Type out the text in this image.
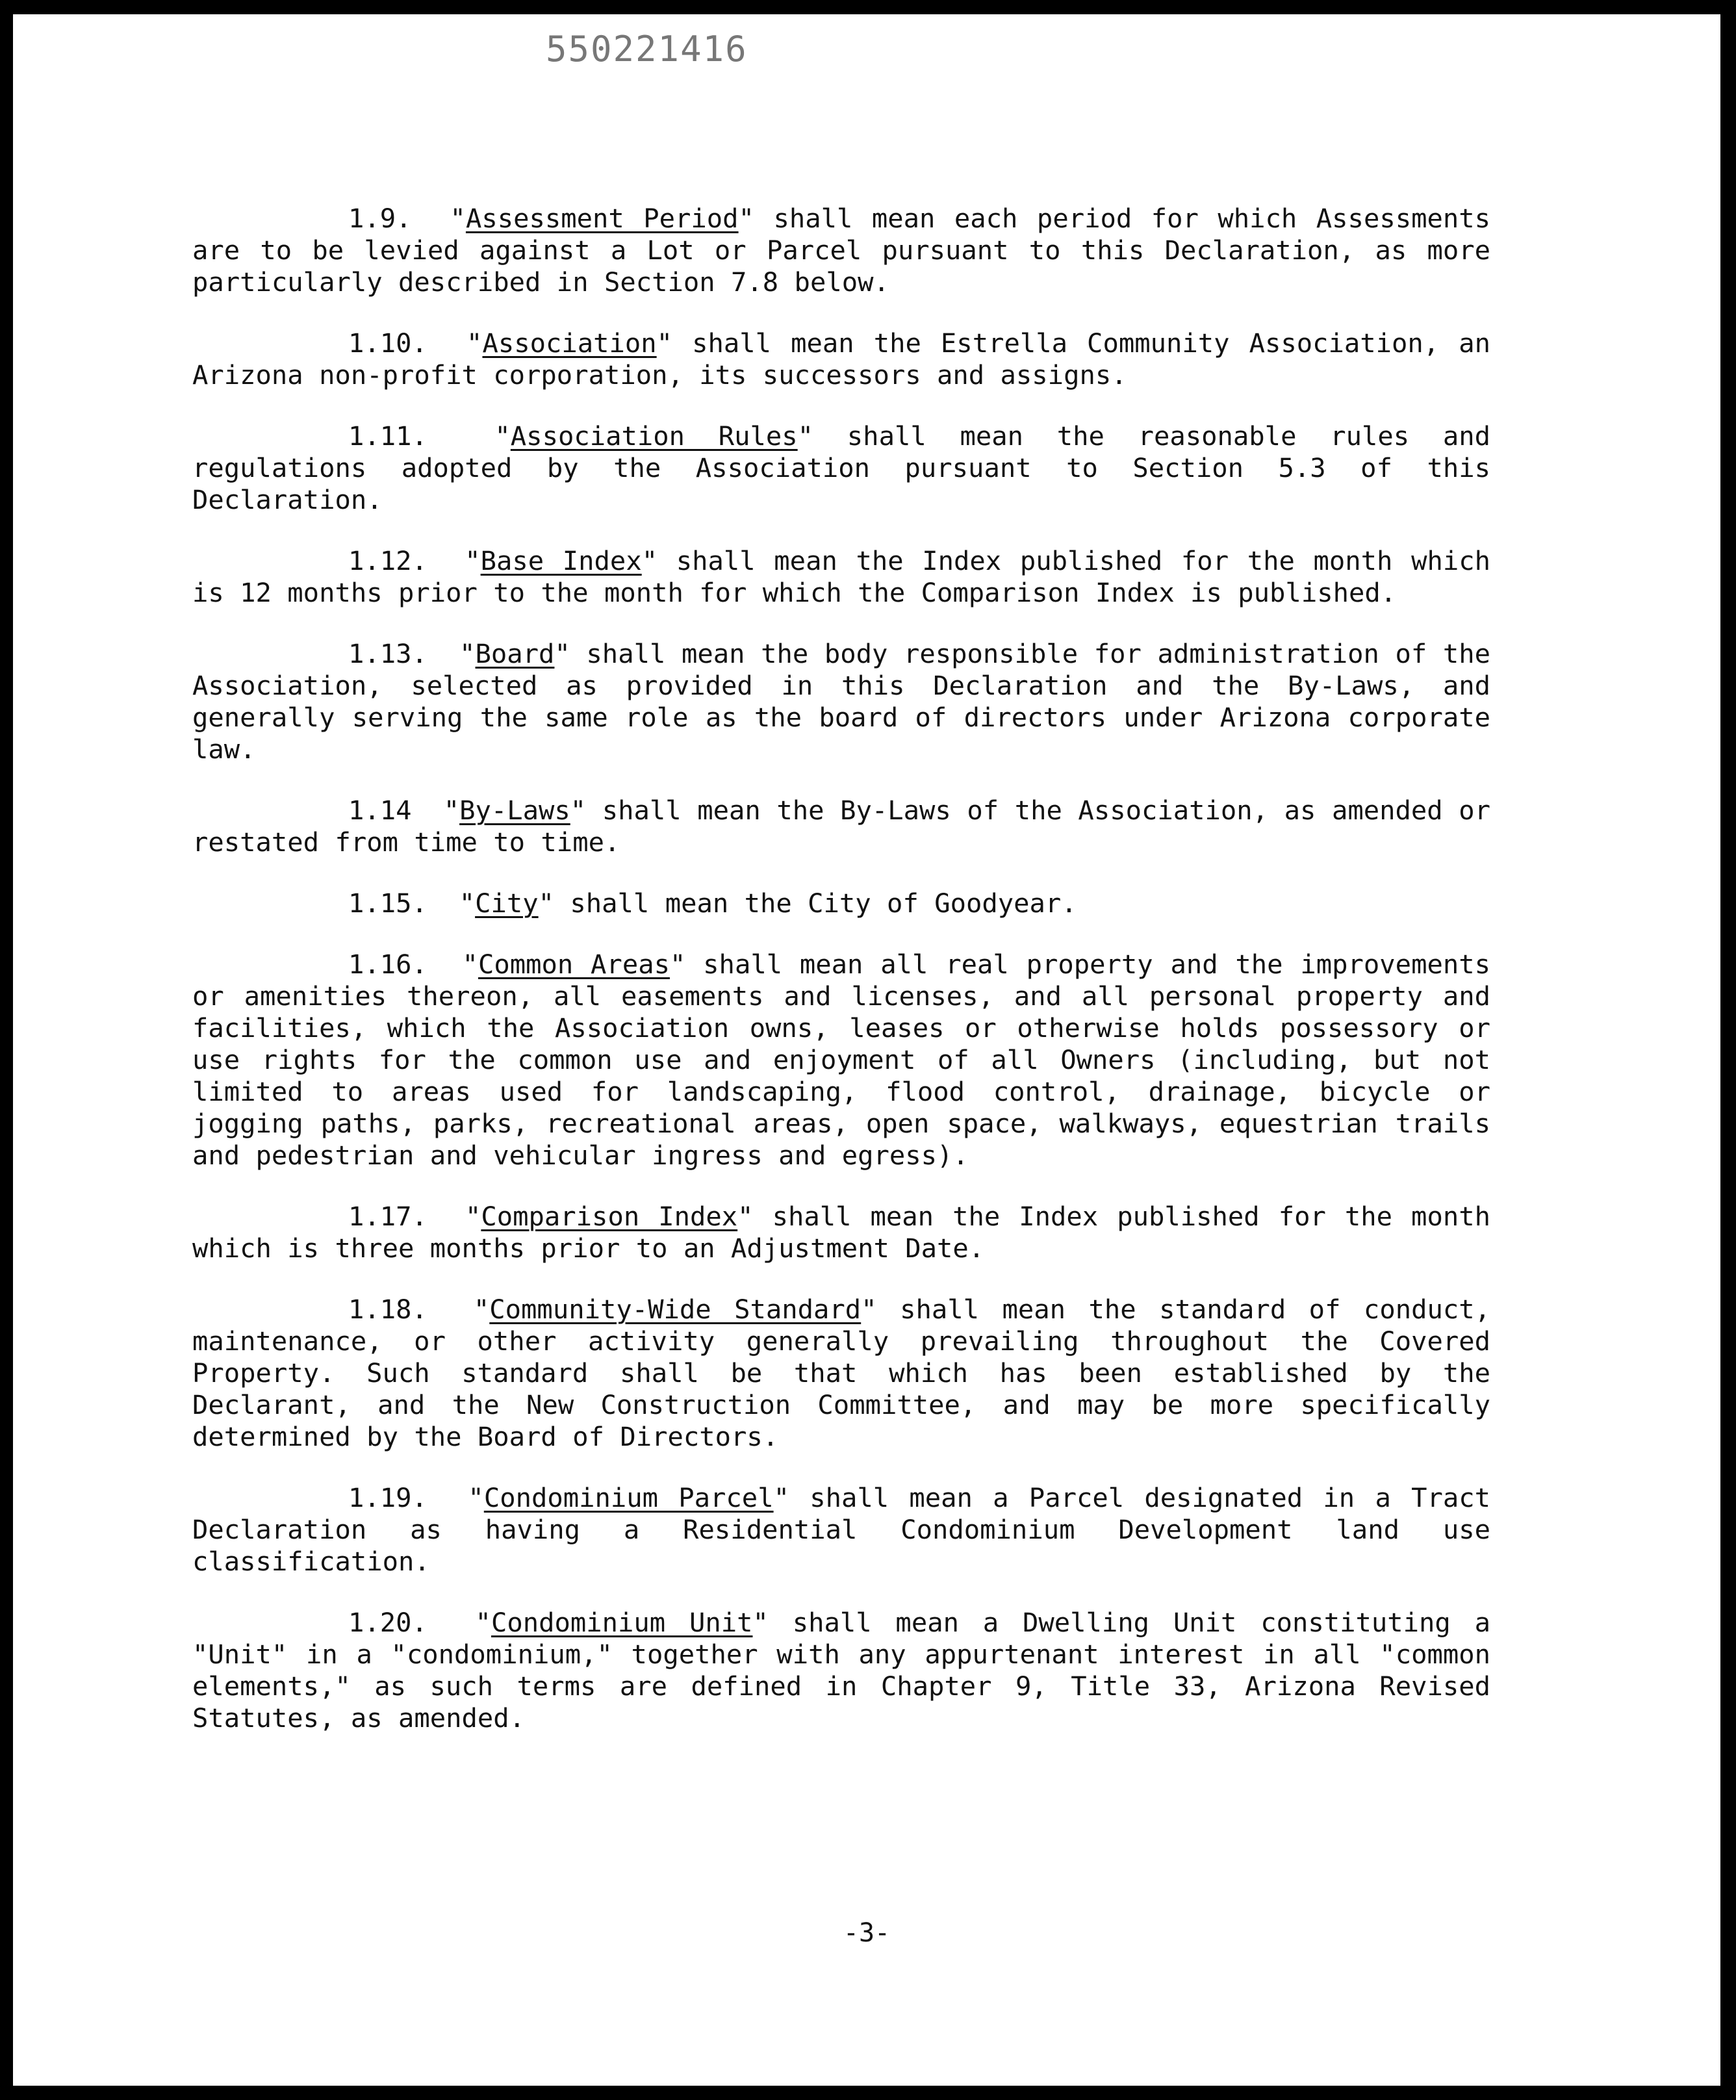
550221416

1.9.  "Assessment Period" shall mean each period for which Assessments are to be levied against a Lot or Parcel pursuant to this Declaration, as more particularly described in Section 7.8 below.

1.10.  "Association" shall mean the Estrella Community Association, an Arizona non-profit corporation, its successors and assigns.

1.11.  "Association Rules" shall mean the reasonable rules and regulations adopted by the Association pursuant to Section 5.3 of this Declaration.

1.12.  "Base Index" shall mean the Index published for the month which is 12 months prior to the month for which the Comparison Index is published.

1.13.  "Board" shall mean the body responsible for administration of the Association, selected as provided in this Declaration and the By-Laws, and generally serving the same role as the board of directors under Arizona corporate law.

1.14  "By-Laws" shall mean the By-Laws of the Association, as amended or restated from time to time.

1.15.  "City" shall mean the City of Goodyear.

1.16.  "Common Areas" shall mean all real property and the improvements or amenities thereon, all easements and licenses, and all personal property and facilities, which the Association owns, leases or otherwise holds possessory or use rights for the common use and enjoyment of all Owners (including, but not limited to areas used for landscaping, flood control, drainage, bicycle or jogging paths, parks, recreational areas, open space, walkways, equestrian trails and pedestrian and vehicular ingress and egress).

1.17.  "Comparison Index" shall mean the Index published for the month which is three months prior to an Adjustment Date.

1.18.  "Community-Wide Standard" shall mean the standard of conduct, maintenance, or other activity generally prevailing throughout the Covered Property. Such standard shall be that which has been established by the Declarant, and the New Construction Committee, and may be more specifically determined by the Board of Directors.

1.19.  "Condominium Parcel" shall mean a Parcel designated in a Tract Declaration as having a Residential Condominium Development land use classification.

1.20.  "Condominium Unit" shall mean a Dwelling Unit constituting a "Unit" in a "condominium," together with any appurtenant interest in all "common elements," as such terms are defined in Chapter 9, Title 33, Arizona Revised Statutes, as amended.

-3-
